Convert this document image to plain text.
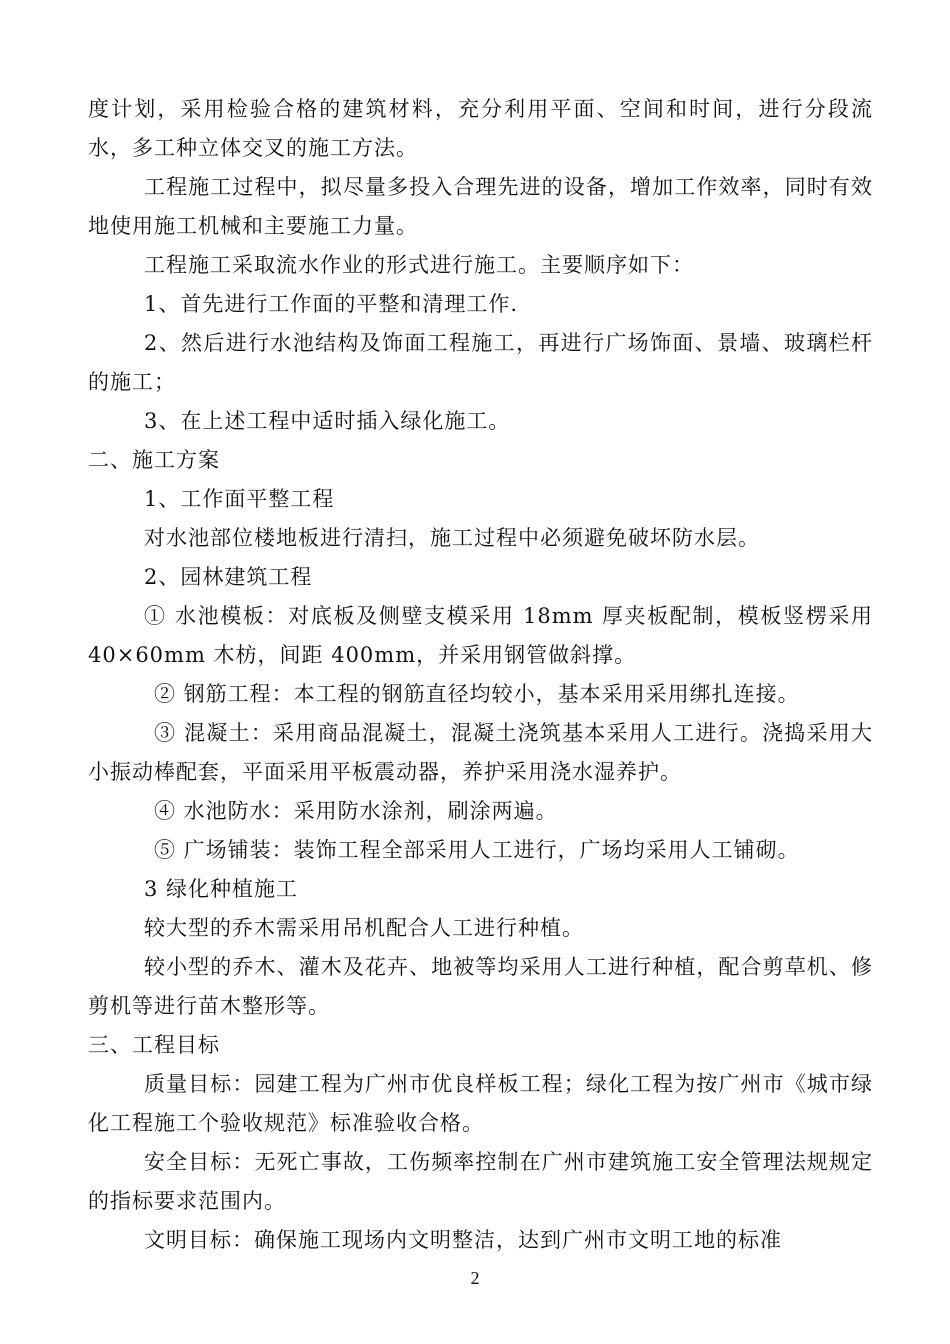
度计划，采用检验合格的建筑材料，充分利用平面、空间和时间，进行分段流水，多工种立体交叉的施工方法。

工程施工过程中，拟尽量多投入合理先进的设备，增加工作效率，同时有效地使用施工机械和主要施工力量。

工程施工采取流水作业的形式进行施工。主要顺序如下：

1、首先进行工作面的平整和清理工作.

2、然后进行水池结构及饰面工程施工，再进行广场饰面、景墙、玻璃栏杆的施工；

3、在上述工程中适时插入绿化施工。

二、施工方案

1、工作面平整工程

对水池部位楼地板进行清扫，施工过程中必须避免破坏防水层。

2、园林建筑工程

① 水池模板：对底板及侧壁支模采用 18mm 厚夹板配制，模板竖楞采用 40×60mm 木枋，间距 400mm，并采用钢管做斜撑。

② 钢筋工程：本工程的钢筋直径均较小，基本采用采用绑扎连接。

③ 混凝土：采用商品混凝土，混凝土浇筑基本采用人工进行。浇捣采用大小振动棒配套，平面采用平板震动器，养护采用浇水湿养护。

④ 水池防水：采用防水涂剂，刷涂两遍。

⑤ 广场铺装：装饰工程全部采用人工进行，广场均采用人工铺砌。

3 绿化种植施工

较大型的乔木需采用吊机配合人工进行种植。

较小型的乔木、灌木及花卉、地被等均采用人工进行种植，配合剪草机、修剪机等进行苗木整形等。

三、工程目标

质量目标：园建工程为广州市优良样板工程；绿化工程为按广州市《城市绿化工程施工个验收规范》标准验收合格。

安全目标：无死亡事故，工伤频率控制在广州市建筑施工安全管理法规规定的指标要求范围内。

文明目标：确保施工现场内文明整洁，达到广州市文明工地的标准

2
